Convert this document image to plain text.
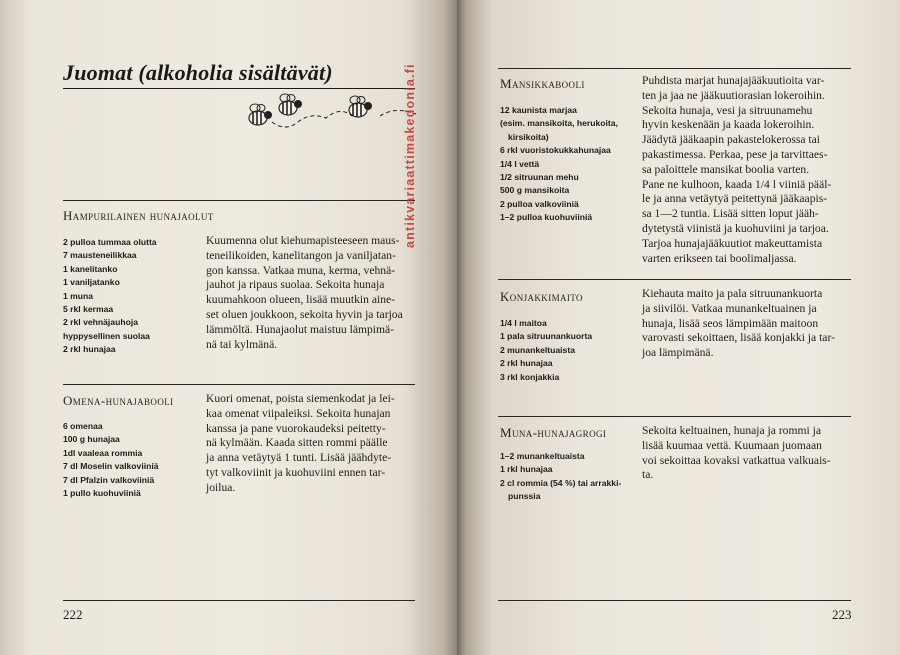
Juomat (alkoholia sisältävät)
Hampurilainen hunajaolut
2 pulloa tummaa olutta
7 mausteneilikkaa
1 kanelitanko
1 vaniljatanko
1 muna
5 rkl kermaa
2 rkl vehnäjauhoja
hyppysellinen suolaa
2 rkl hunajaa
Kuumenna olut kiehumapisteeseen maus-
teneilikoiden, kanelitangon ja vaniljatan-
gon kanssa. Vatkaa muna, kerma, vehnä-
jauhot ja ripaus suolaa. Sekoita hunaja
kuumahkoon olueen, lisää muutkin aine-
set oluen joukkoon, sekoita hyvin ja tarjoa
lämmöltä. Hunajaolut maistuu lämpimä-
nä tai kylmänä.
Omena-hunajabooli
6 omenaa
100 g hunajaa
1dl vaaleaa rommia
7 dl Moselin valkoviiniä
7 dl Pfalzin valkoviiniä
1 pullo kuohuviiniä
Kuori omenat, poista siemenkodat ja lei-
kaa omenat viipaleiksi. Sekoita hunajan
kanssa ja pane vuorokaudeksi peitetty-
nä kylmään. Kaada sitten rommi päälle
ja anna vetäytyä 1 tunti. Lisää jäähdyte-
tyt valkoviinit ja kuohuviini ennen tar-
joilua.
222
Mansikkabooli
12 kaunista marjaa
(esim. mansikoita, herukoita,
kirsikoita)
6 rkl vuoristokukkahunajaa
1/4 l vettä
1/2 sitruunan mehu
500 g mansikoita
2 pulloa valkoviiniä
1–2 pulloa kuohuviiniä
Puhdista marjat hunajajääkuutioita var-
ten ja jaa ne jääkuutiorasian lokeroihin.
Sekoita hunaja, vesi ja sitruunamehu
hyvin keskenään ja kaada lokeroihin.
Jäädytä jääkaapin pakastelokerossa tai
pakastimessa. Perkaa, pese ja tarvittaes-
sa paloittele mansikat boolia varten.
Pane ne kulhoon, kaada 1/4 l viiniä pääl-
le ja anna vetäytyä peitettynä jääkaapis-
sa 1—2 tuntia. Lisää sitten loput jääh-
dytetystä viinistä ja kuohuviini ja tarjoa.
Tarjoa hunajajääkuutiot makeuttamista
varten erikseen tai boolimaljassa.
Konjakkimaito
1/4 l maitoa
1 pala sitruunankuorta
2 munankeltuaista
2 rkl hunajaa
3 rkl konjakkia
Kiehauta maito ja pala sitruunankuorta
ja siivilöi. Vatkaa munankeltuainen ja
hunaja, lisää seos lämpimään maitoon
varovasti sekoittaen, lisää konjakki ja tar-
joa lämpimänä.
Muna-hunajagrogi
1–2 munankeltuaista
1 rkl hunajaa
2 cl rommia (54 %) tai arrakki-
punssia
Sekoita keltuainen, hunaja ja rommi ja
lisää kuumaa vettä. Kuumaan juomaan
voi sekoittaa kovaksi vatkattua valkuais-
ta.
223
antikvariaattimakedonia.fi
